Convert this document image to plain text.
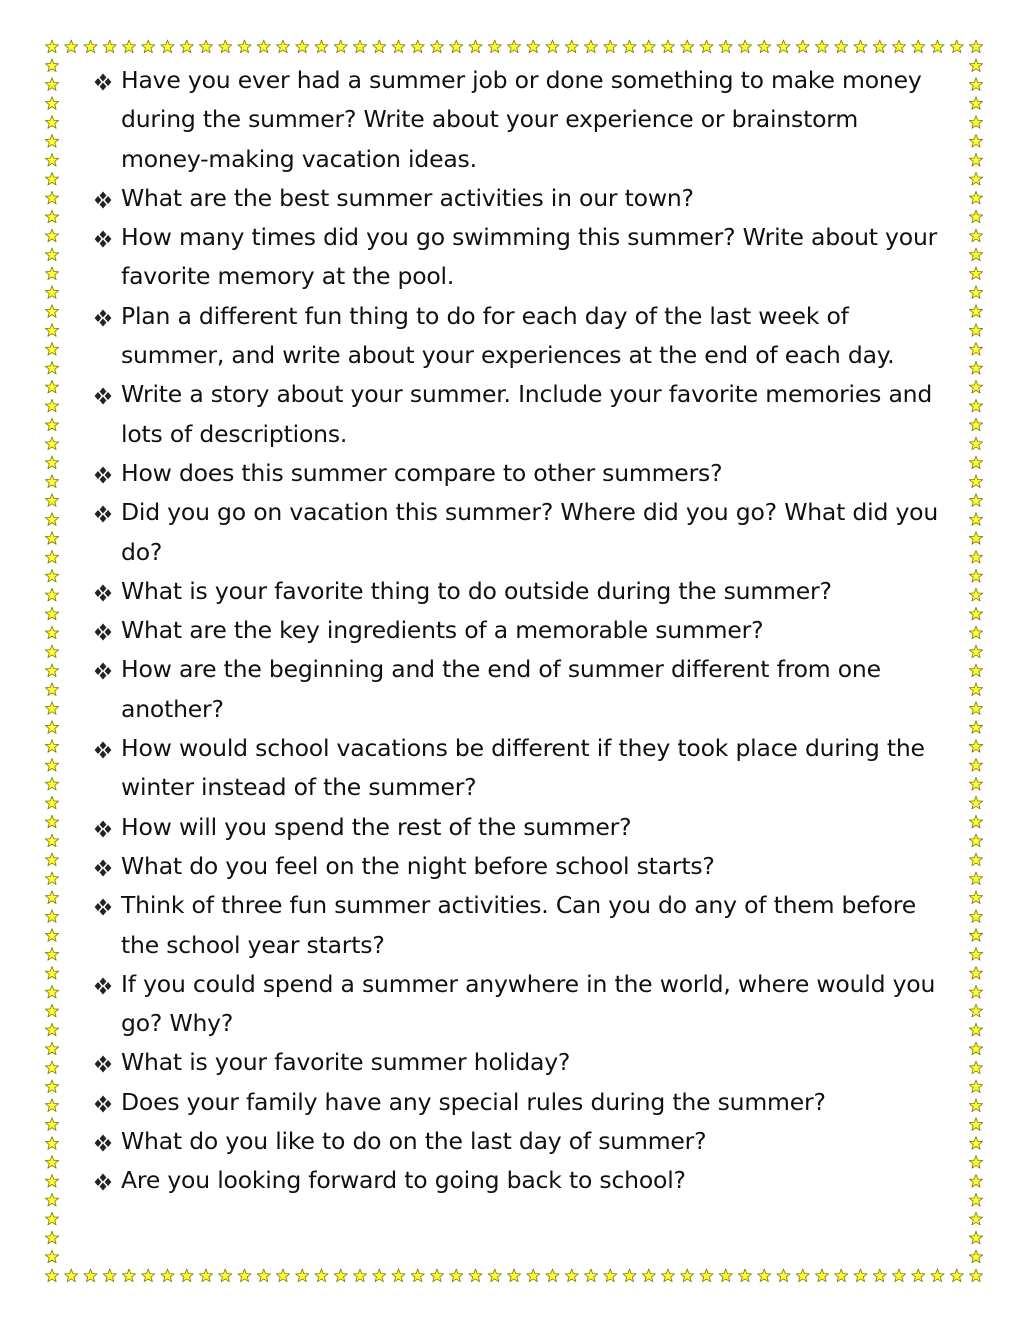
Have you ever had a summer job or done something to make money during the summer? Write about your experience or brainstorm money-making vacation ideas.
What are the best summer activities in our town?
How many times did you go swimming this summer? Write about your favorite memory at the pool.
Plan a different fun thing to do for each day of the last week of summer, and write about your experiences at the end of each day.
Write a story about your summer. Include your favorite memories and lots of descriptions.
How does this summer compare to other summers?
Did you go on vacation this summer? Where did you go? What did you do?
What is your favorite thing to do outside during the summer?
What are the key ingredients of a memorable summer?
How are the beginning and the end of summer different from one another?
How would school vacations be different if they took place during the winter instead of the summer?
How will you spend the rest of the summer?
What do you feel on the night before school starts?
Think of three fun summer activities. Can you do any of them before the school year starts?
If you could spend a summer anywhere in the world, where would you go? Why?
What is your favorite summer holiday?
Does your family have any special rules during the summer?
What do you like to do on the last day of summer?
Are you looking forward to going back to school?
